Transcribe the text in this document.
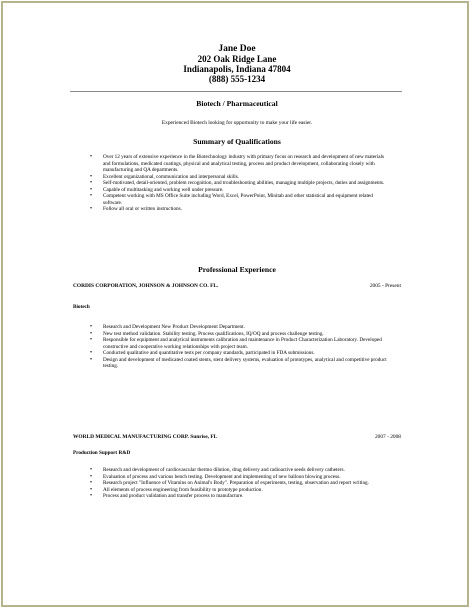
Jane Doe
202 Oak Ridge Lane
Indianapolis, Indiana 47804
(888) 555-1234
Biotech / Pharmaceutical
Experienced Biotech looking for opportunity to make your life easier.
Summary of Qualifications
• Over 12 years of extensive experience in the Biotechnology industry with primary focus on research and development of new materials and formulations, medicated coatings, physical and analytical testing, process and product development, collaborating closely with manufacturing and QA departments.
• Excellent organizational, communication and interpersonal skills.
• Self-motivated, detail-oriented, problem recognition, and troubleshooting abilities, managing multiple projects, duties and assignments.
• Capable of multitasking and working well under pressure.
• Competent working with MS Office Suite including Word, Excel, PowerPoint, Minitab and other statistical and equipment related software.
• Follow all oral or written instructions.
Professional Experience
CORDIS CORPORATION, JOHNSON & JOHNSON CO. FL.	2005 - Present
Biotech
• Research and Development New Product Development Department.
• New test method validation. Stability testing. Process qualifications, IQ/OQ and process challenge testing.
• Responsible for equipment and analytical instruments calibration and maintenance in Product Characterization Laboratory. Developed constructive and cooperative working relationships with project team.
• Conducted qualitative and quantitative tests per company standards, participated in FDA submissions.
• Design and development of medicated coated stents, stent delivery systems, evaluation of prototypes, analytical and competitive product testing.
WORLD MEDICAL MANUFACTURING CORP. Sunrise, FL	2007 - 2008
Production Support R&D
• Research and development of cardiovascular thermo dilution, drug delivery and radioactive seeds delivery catheters.
• Evaluation of process and various bench testing. Development and implementing of new balloon blowing process.
• Research project "Influence of Vitamins on Animal's Body". Preparation of experiments, testing, observation and report writing.
• All elements of process engineering from feasibility to prototype production.
• Process and product validation and transfer process to manufacture.
